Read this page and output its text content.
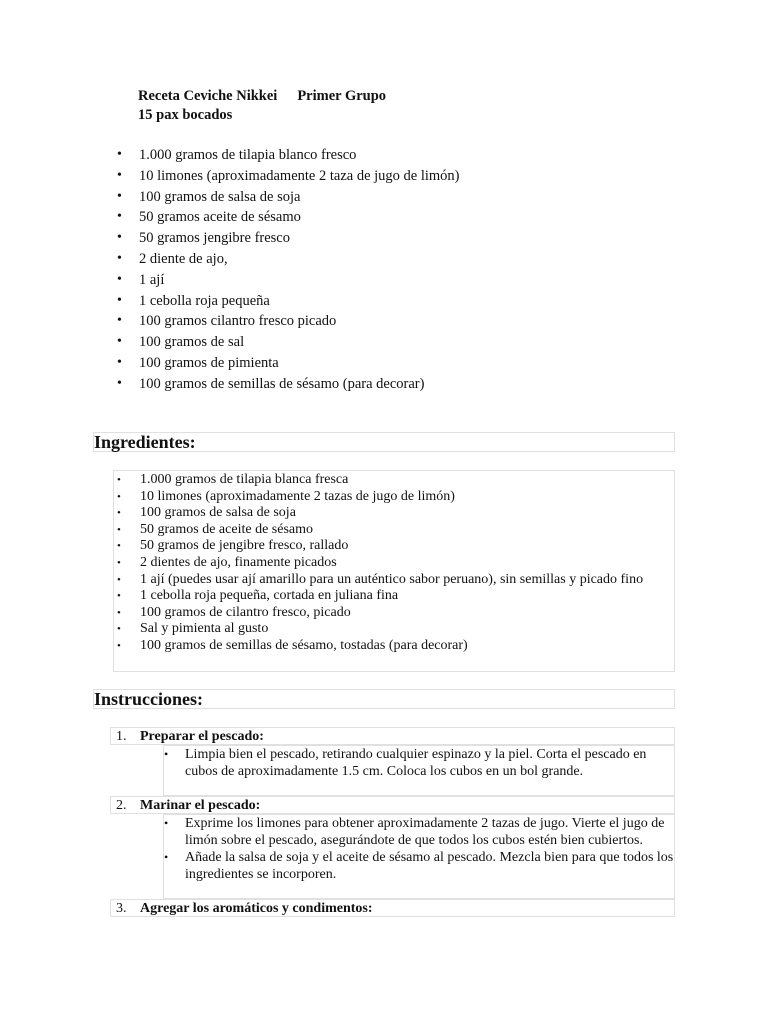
Receta Ceviche Nikkei Primer Grupo
15 pax bocados
• 1.000 gramos de tilapia blanco fresco
• 10 limones (aproximadamente 2 taza de jugo de limón)
• 100 gramos de salsa de soja
• 50 gramos aceite de sésamo
• 50 gramos jengibre fresco
• 2 diente de ajo,
• 1 ají
• 1 cebolla roja pequeña
• 100 gramos cilantro fresco picado
• 100 gramos de sal
• 100 gramos de pimienta
• 100 gramos de semillas de sésamo (para decorar)
Ingredientes:
• 1.000 gramos de tilapia blanca fresca
• 10 limones (aproximadamente 2 tazas de jugo de limón)
• 100 gramos de salsa de soja
• 50 gramos de aceite de sésamo
• 50 gramos de jengibre fresco, rallado
• 2 dientes de ajo, finamente picados
• 1 ají (puedes usar ají amarillo para un auténtico sabor peruano), sin semillas y picado fino
• 1 cebolla roja pequeña, cortada en juliana fina
• 100 gramos de cilantro fresco, picado
• Sal y pimienta al gusto
• 100 gramos de semillas de sésamo, tostadas (para decorar)
Instrucciones:
1. Preparar el pescado:
• Limpia bien el pescado, retirando cualquier espinazo y la piel. Corta el pescado en cubos de aproximadamente 1.5 cm. Coloca los cubos en un bol grande.
2. Marinar el pescado:
• Exprime los limones para obtener aproximadamente 2 tazas de jugo. Vierte el jugo de limón sobre el pescado, asegurándote de que todos los cubos estén bien cubiertos.
• Añade la salsa de soja y el aceite de sésamo al pescado. Mezcla bien para que todos los ingredientes se incorporen.
3. Agregar los aromáticos y condimentos:
